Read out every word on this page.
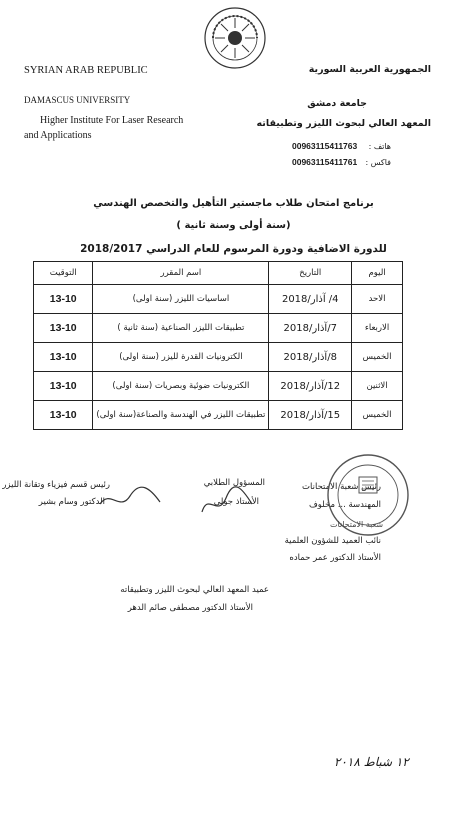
SYRIAN ARAB REPUBLIC
DAMASCUS UNIVERSITY
Higher Institute For Laser Research
and Applications
الجمهورية العربية السورية
جامعة دمشق
المعهد العالي لبحوث الليزر وتطبيقاته
هاتف :
00963115411763
فاكس :
00963115411761
برنامج امتحان طلاب ماجستير التأهيل والتخصص الهندسي
(سنة أولى وسنة ثانية )
للدورة الاضافية ودورة المرسوم للعام الدراسي 2018/2017
اليوم	التاريخ	اسم المقرر	التوقيت
الاحد	4/ آذار/2018	اساسيات الليزر (سنة اولى)	13-10
الاربعاء	7/آذار/2018	تطبيقات الليزر الصناعية (سنة ثانية )	13-10
الخميس	8/آذار/2018	الكترونيات القدرة لليزر (سنة اولى)	13-10
الاثنين	12/آذار/2018	الكترونيات ضوئية وبصريات (سنة اولى)	13-10
الخميس	15/آذار/2018	تطبيقات الليزر في الهندسة والصناعة(سنة اولى)	13-10
رئيس قسم فيزياء وتقانة الليزر
الدكتور وسام بشير
المسؤول الطلابي
الأستاذ جولي
رئيس شعبة الامتحانات
المهندسة ... مخلوف
شعبة الامتحانات
نائب العميد للشؤون العلمية
الأستاذ الدكتور عمر حماده
عميد المعهد العالي لبحوث الليزر وتطبيقاته
الأستاذ الدكتور مصطفى صائم الدهر
١٢ شباط ٢٠١٨
